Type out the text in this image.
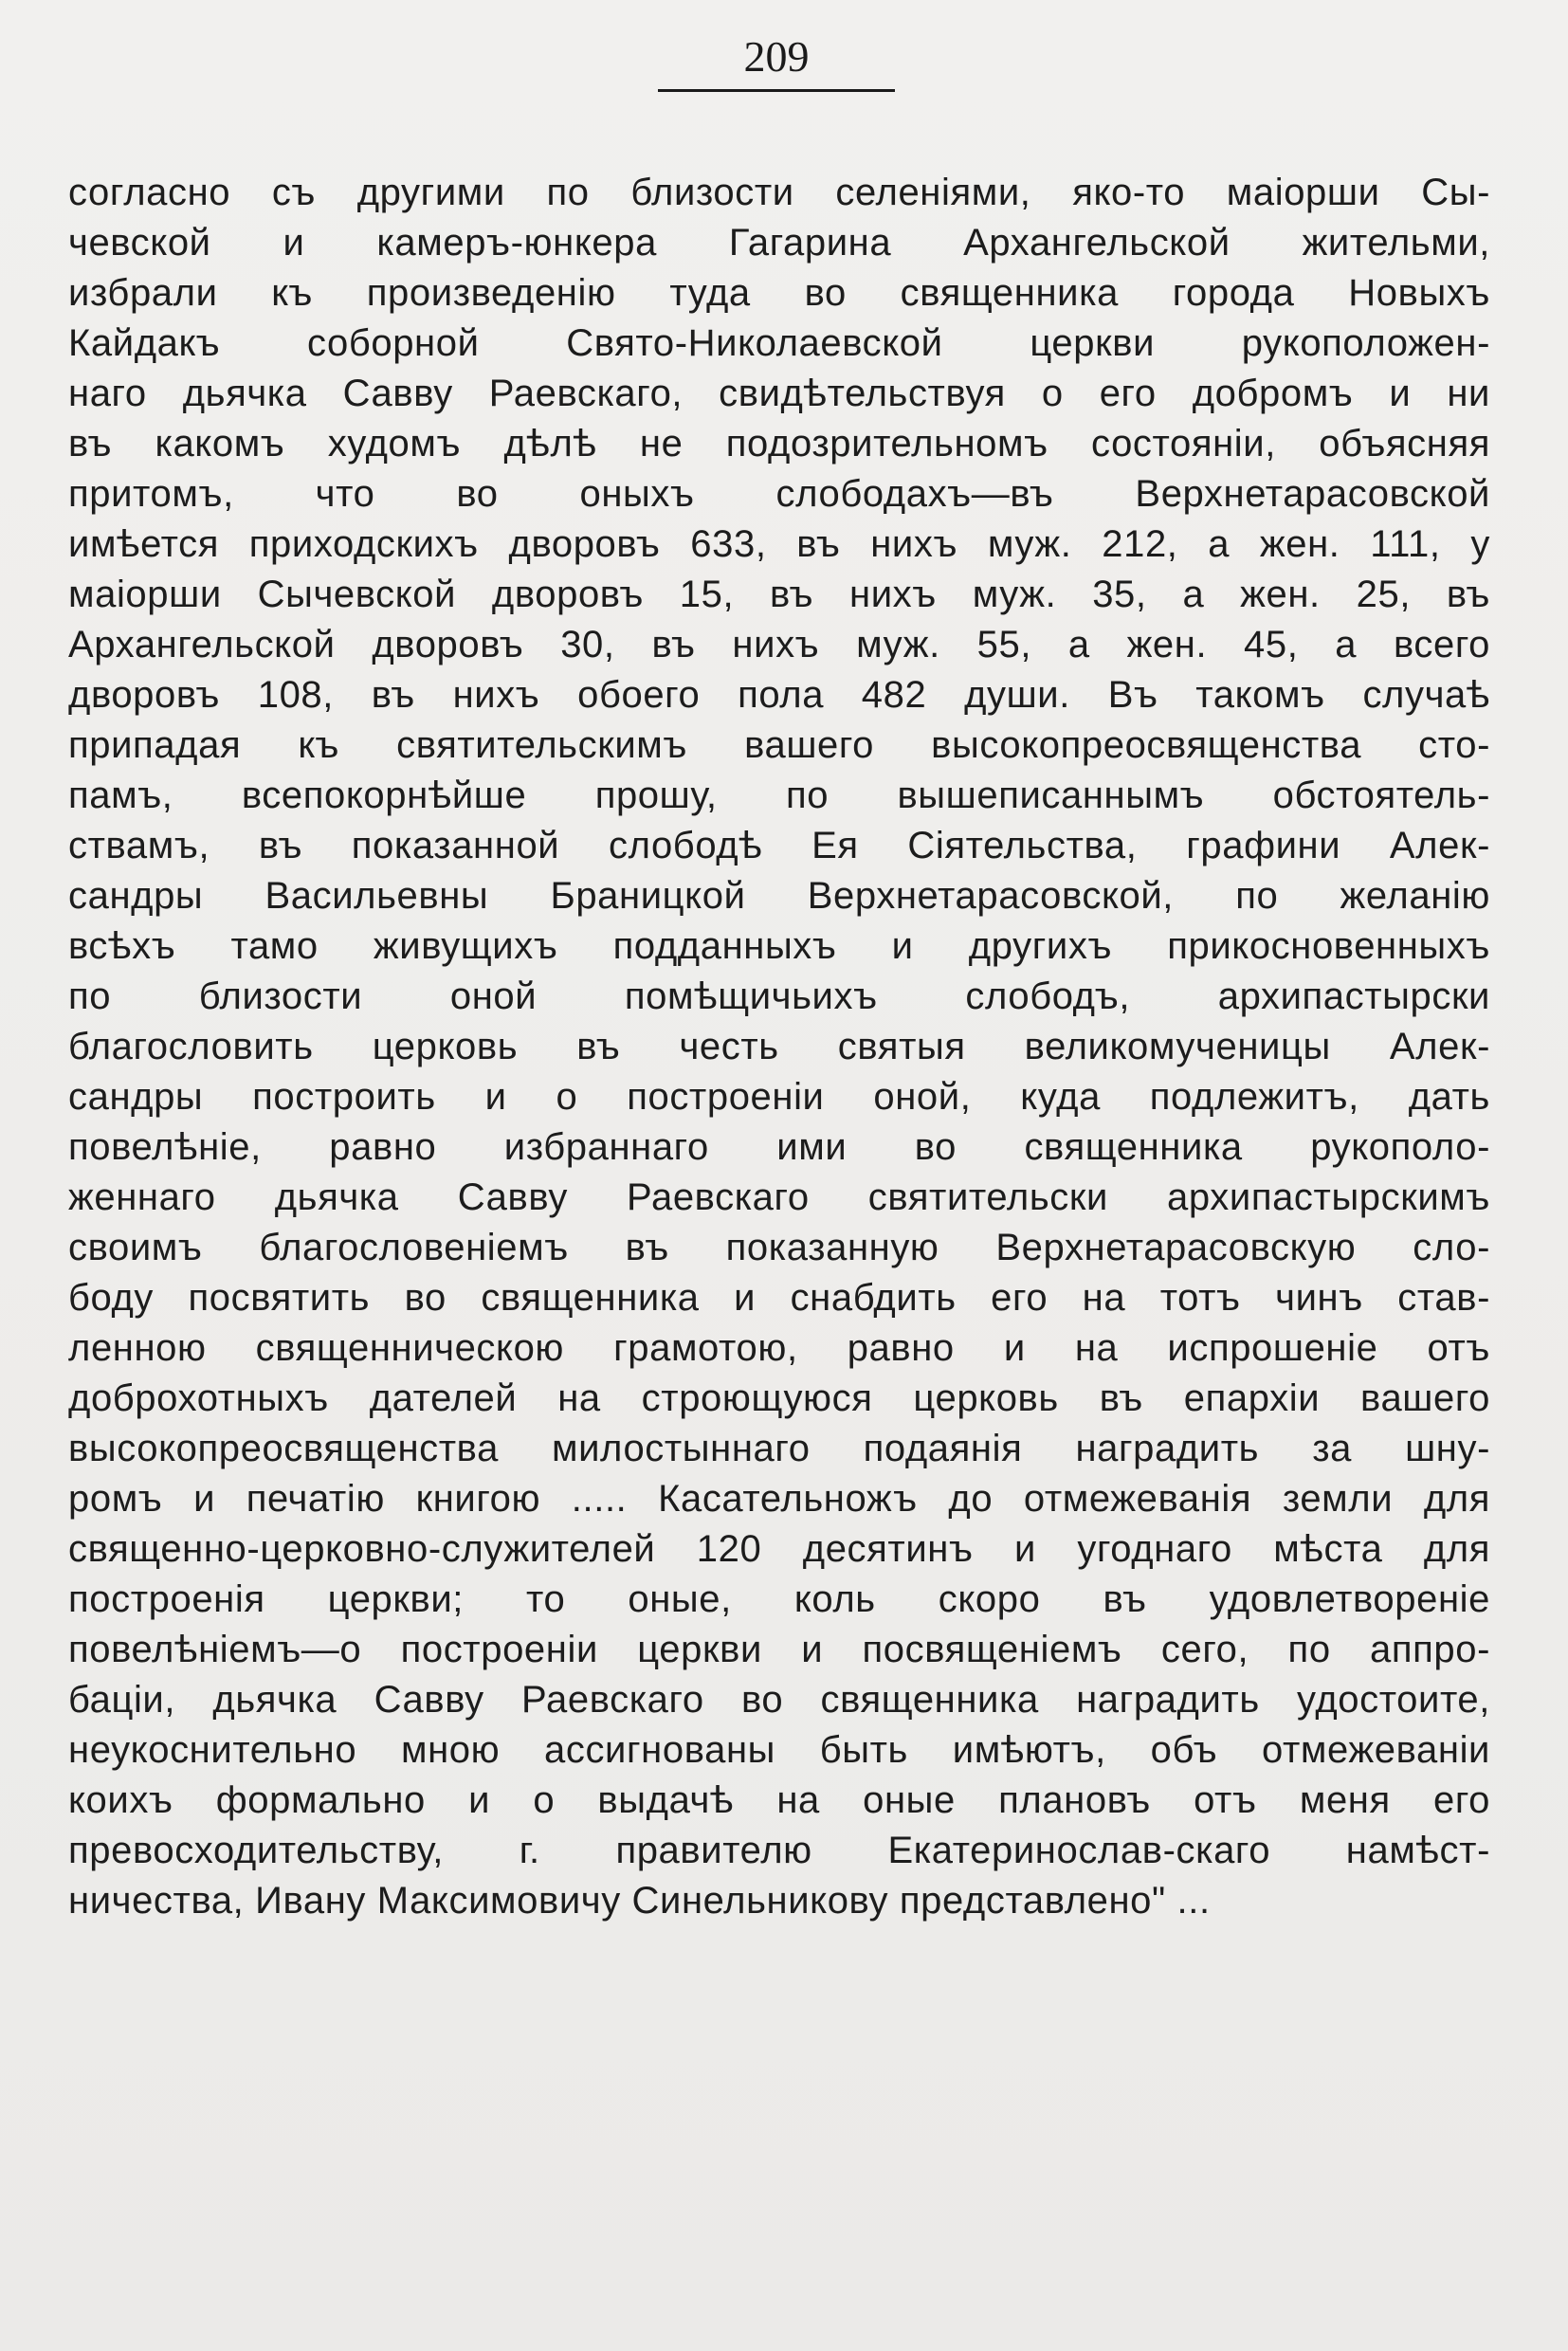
209
согласно съ другими по близости селеніями, яко-то маіорши Сы-
чевской и камеръ-юнкера Гагарина Архангельской жительми,
избрали къ произведенію туда во священника города Новыхъ
Кайдакъ соборной Свято-Николаевской церкви рукоположен-
наго дьячка Савву Раевскаго, свидѣтельствуя о его добромъ и ни
въ какомъ худомъ дѣлѣ не подозрительномъ состояніи, объясняя
притомъ, что во оныхъ слободахъ—въ Верхнетарасовской
имѣется приходскихъ дворовъ 633, въ нихъ муж. 212, а жен. 111, у
маіорши Сычевской дворовъ 15, въ нихъ муж. 35, а жен. 25, въ
Архангельской дворовъ 30, въ нихъ муж. 55, а жен. 45, а всего
дворовъ 108, въ нихъ обоего пола 482 души. Въ такомъ случаѣ
припадая къ святительскимъ вашего высокопреосвященства сто-
памъ, всепокорнѣйше прошу, по вышеписаннымъ обстоятель-
ствамъ, въ показанной слободѣ Ея Сіятельства, графини Алек-
сандры Васильевны Браницкой Верхнетарасовской, по желанію
всѣхъ тамо живущихъ подданныхъ и другихъ прикосновенныхъ
по близости оной помѣщичьихъ слободъ, архипастырски
благословить церковь въ честь святыя великомученицы Алек-
сандры построить и о построеніи оной, куда подлежитъ, дать
повелѣніе, равно избраннаго ими во священника рукополо-
женнаго дьячка Савву Раевскаго святительски архипастырскимъ
своимъ благословеніемъ въ показанную Верхнетарасовскую сло-
боду посвятить во священника и снабдить его на тотъ чинъ став-
ленною священническою грамотою, равно и на испрошеніе отъ
доброхотныхъ дателей на строющуюся церковь въ епархіи вашего
высокопреосвященства милостыннаго подаянія наградить за шну-
ромъ и печатію книгою ..... Касательножъ до отмежеванія земли для
священно-церковно-служителей 120 десятинъ и угоднаго мѣста для
построенія церкви; то оные, коль скоро въ удовлетвореніе
повелѣніемъ—о построеніи церкви и посвященіемъ сего, по аппро-
баціи, дьячка Савву Раевскаго во священника наградить удостоите,
неукоснительно мною ассигнованы быть имѣютъ, объ отмежеваніи
коихъ формально и о выдачѣ на оные плановъ отъ меня его
превосходительству, г. правителю Екатеринослав-скаго намѣст-
ничества, Ивану Максимовичу Синельникову представлено" ...
